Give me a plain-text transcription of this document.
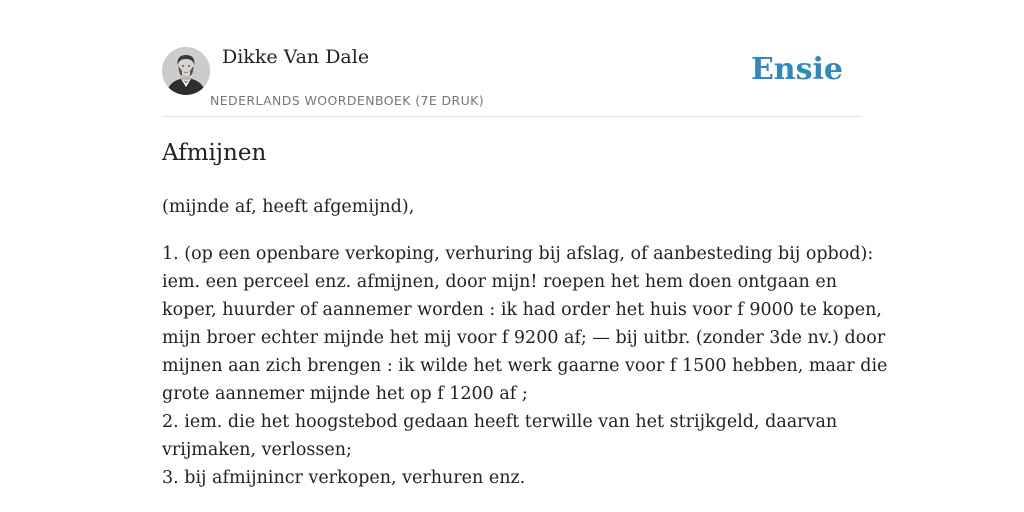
Dikke Van Dale
NEDERLANDS WOORDENBOEK (7E DRUK)
Ensie
Afmijnen

(mijnde af, heeft afgemijnd),

1. (op een openbare verkoping, verhuring bij afslag, of aanbesteding bij opbod):

iem. een perceel enz. afmijnen, door mijn! roepen het hem doen ontgaan en

koper, huurder of aannemer worden : ik had order het huis voor f 9000 te kopen,

mijn broer echter mijnde het mij voor f 9200 af; — bij uitbr. (zonder 3de nv.) door

mijnen aan zich brengen : ik wilde het werk gaarne voor f 1500 hebben, maar die

grote aannemer mijnde het op f 1200 af ;

2. iem. die het hoogstebod gedaan heeft terwille van het strijkgeld, daarvan

vrijmaken, verlossen;

3. bij afmijnincr verkopen, verhuren enz.
